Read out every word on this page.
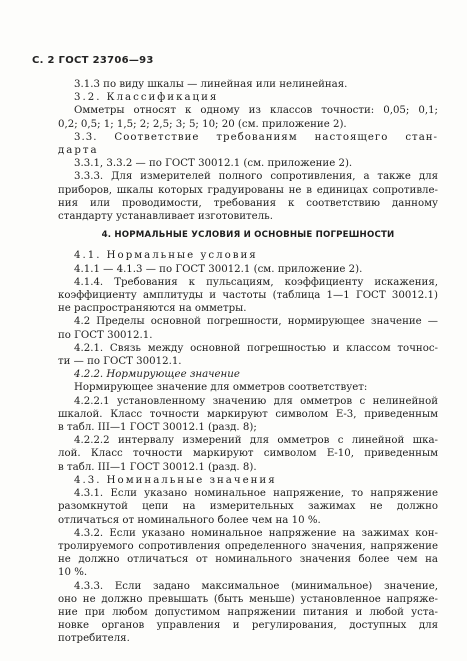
С. 2 ГОСТ 23706—93
3.1.3 по виду шкалы — линейная или нелинейная.
3.2. Классификация
Омметры относят к одному из классов точности: 0,05; 0,1;
0,2; 0,5; 1; 1,5; 2; 2,5; 3; 5; 10; 20 (см. приложение 2).
3.3. Соответствие требованиям настоящего стан-
дарта
3.3.1, 3.3.2 — по ГОСТ 30012.1 (см. приложение 2).
3.3.3. Для измерителей полного сопротивления, а также для
приборов, шкалы которых градуированы не в единицах сопротивле-
ния или проводимости, требования к соответствию данному
стандарту устанавливает изготовитель.
4. НОРМАЛЬНЫЕ УСЛОВИЯ И ОСНОВНЫЕ ПОГРЕШНОСТИ
4.1. Нормальные условия
4.1.1 — 4.1.3 — по ГОСТ 30012.1 (см. приложение 2).
4.1.4. Требования к пульсациям, коэффициенту искажения,
коэффициенту амплитуды и частоты (таблица 1—1 ГОСТ 30012.1)
не распространяются на омметры.
4.2 Пределы основной погрешности, нормирующее значение —
по ГОСТ 30012.1.
4.2.1. Связь между основной погрешностью и классом точнос-
ти — по ГОСТ 30012.1.
4.2.2. Нормирующее значение
Нормирующее значение для омметров соответствует:
4.2.2.1 установленному значению для омметров с нелинейной
шкалой. Класс точности маркируют символом Е-3, приведенным
в табл. III—1 ГОСТ 30012.1 (разд. 8);
4.2.2.2 интервалу измерений для омметров с линейной шка-
лой. Класс точности маркируют символом Е-10, приведенным
в табл. III—1 ГОСТ 30012.1 (разд. 8).
4.3. Номинальные значения
4.3.1. Если указано номинальное напряжение, то напряжение
разомкнутой цепи на измерительных зажимах не должно
отличаться от номинального более чем на 10 %.
4.3.2. Если указано номинальное напряжение на зажимах кон-
тролируемого сопротивления определенного значения, напряжение
не должно отличаться от номинального значения более чем на
10 %.
4.3.3. Если задано максимальное (минимальное) значение,
оно не должно превышать (быть меньше) установленное напряже-
ние при любом допустимом напряжении питания и любой уста-
новке органов управления и регулирования, доступных для
потребителя.
